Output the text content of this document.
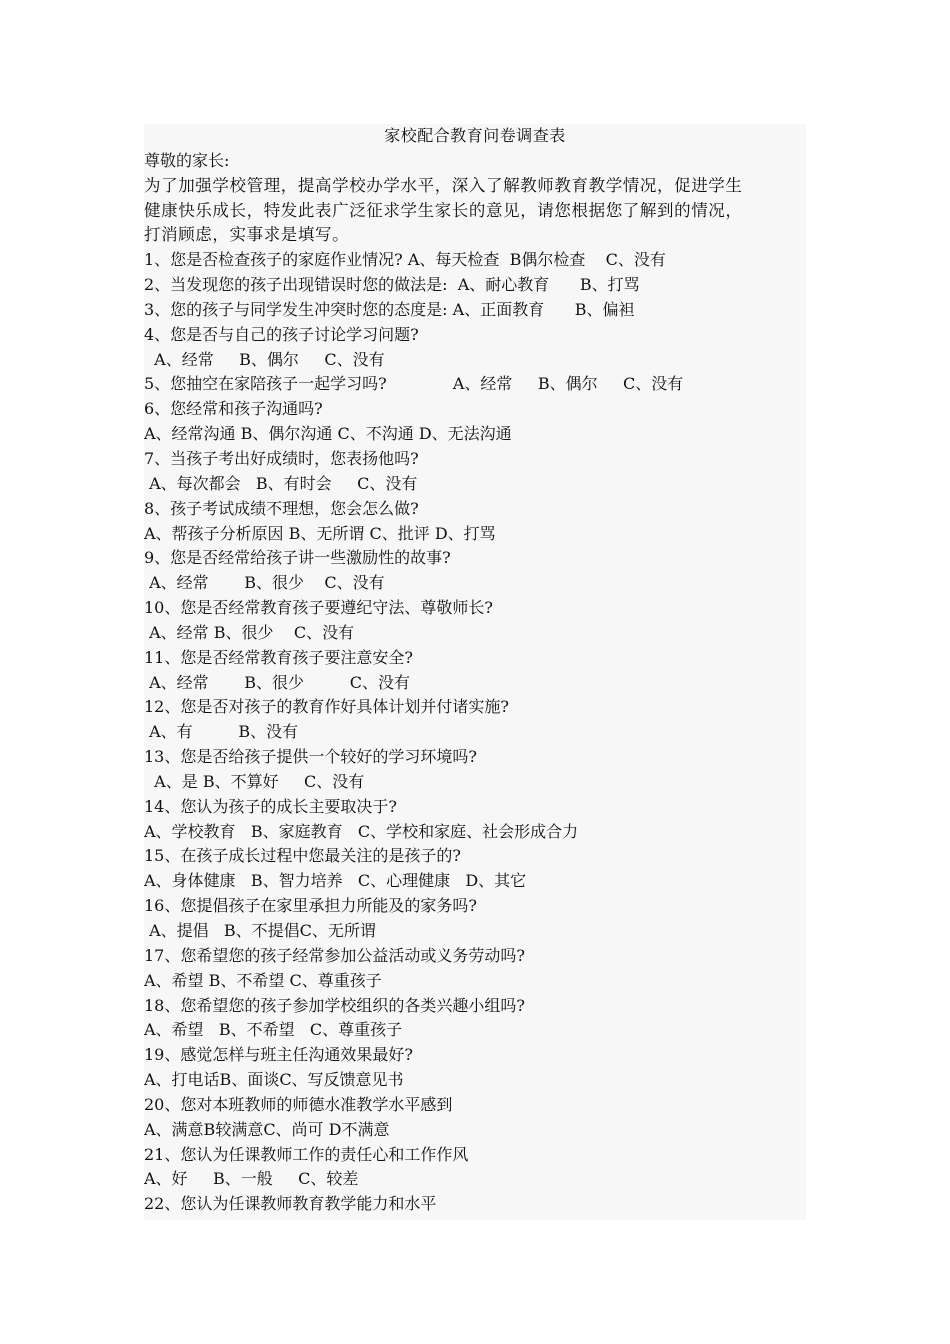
家校配合教育问卷调查表
尊敬的家长:
为了加强学校管理，提高学校办学水平，深入了解教师教育教学情况，促进学生
健康快乐成长，特发此表广泛征求学生家长的意见，请您根据您了解到的情况，
打消顾虑，实事求是填写。
1、您是否检查孩子的家庭作业情况? A、每天检查  B偶尔检查    C、没有
2、当发现您的孩子出现错误时您的做法是:  A、耐心教育      B、打骂
3、您的孩子与同学发生冲突时您的态度是: A、正面教育      B、偏袒
4、您是否与自己的孩子讨论学习问题?
A、经常     B、偶尔     C、没有
5、您抽空在家陪孩子一起学习吗?             A、经常     B、偶尔     C、没有
6、您经常和孩子沟通吗?
A、经常沟通 B、偶尔沟通 C、不沟通 D、无法沟通
7、当孩子考出好成绩时，您表扬他吗?
A、每次都会   B、有时会     C、没有
8、孩子考试成绩不理想，您会怎么做?
A、帮孩子分析原因 B、无所谓 C、批评 D、打骂
9、您是否经常给孩子讲一些激励性的故事?
A、经常       B、很少    C、没有
10、您是否经常教育孩子要遵纪守法、尊敬师长?
A、经常 B、很少    C、没有
11、您是否经常教育孩子要注意安全?
A、经常       B、很少         C、没有
12、您是否对孩子的教育作好具体计划并付诸实施?
A、有         B、没有
13、您是否给孩子提供一个较好的学习环境吗?
A、是 B、不算好     C、没有
14、您认为孩子的成长主要取决于?
A、学校教育   B、家庭教育   C、学校和家庭、社会形成合力
15、在孩子成长过程中您最关注的是孩子的?
A、身体健康   B、智力培养   C、心理健康   D、其它
16、您提倡孩子在家里承担力所能及的家务吗?
A、提倡   B、不提倡C、无所谓
17、您希望您的孩子经常参加公益活动或义务劳动吗?
A、希望 B、不希望 C、尊重孩子
18、您希望您的孩子参加学校组织的各类兴趣小组吗?
A、希望   B、不希望   C、尊重孩子
19、感觉怎样与班主任沟通效果最好?
A、打电话B、面谈C、写反馈意见书
20、您对本班教师的师德水准教学水平感到
A、满意B较满意C、尚可 D不满意
21、您认为任课教师工作的责任心和工作作风
A、好     B、一般     C、较差
22、您认为任课教师教育教学能力和水平
